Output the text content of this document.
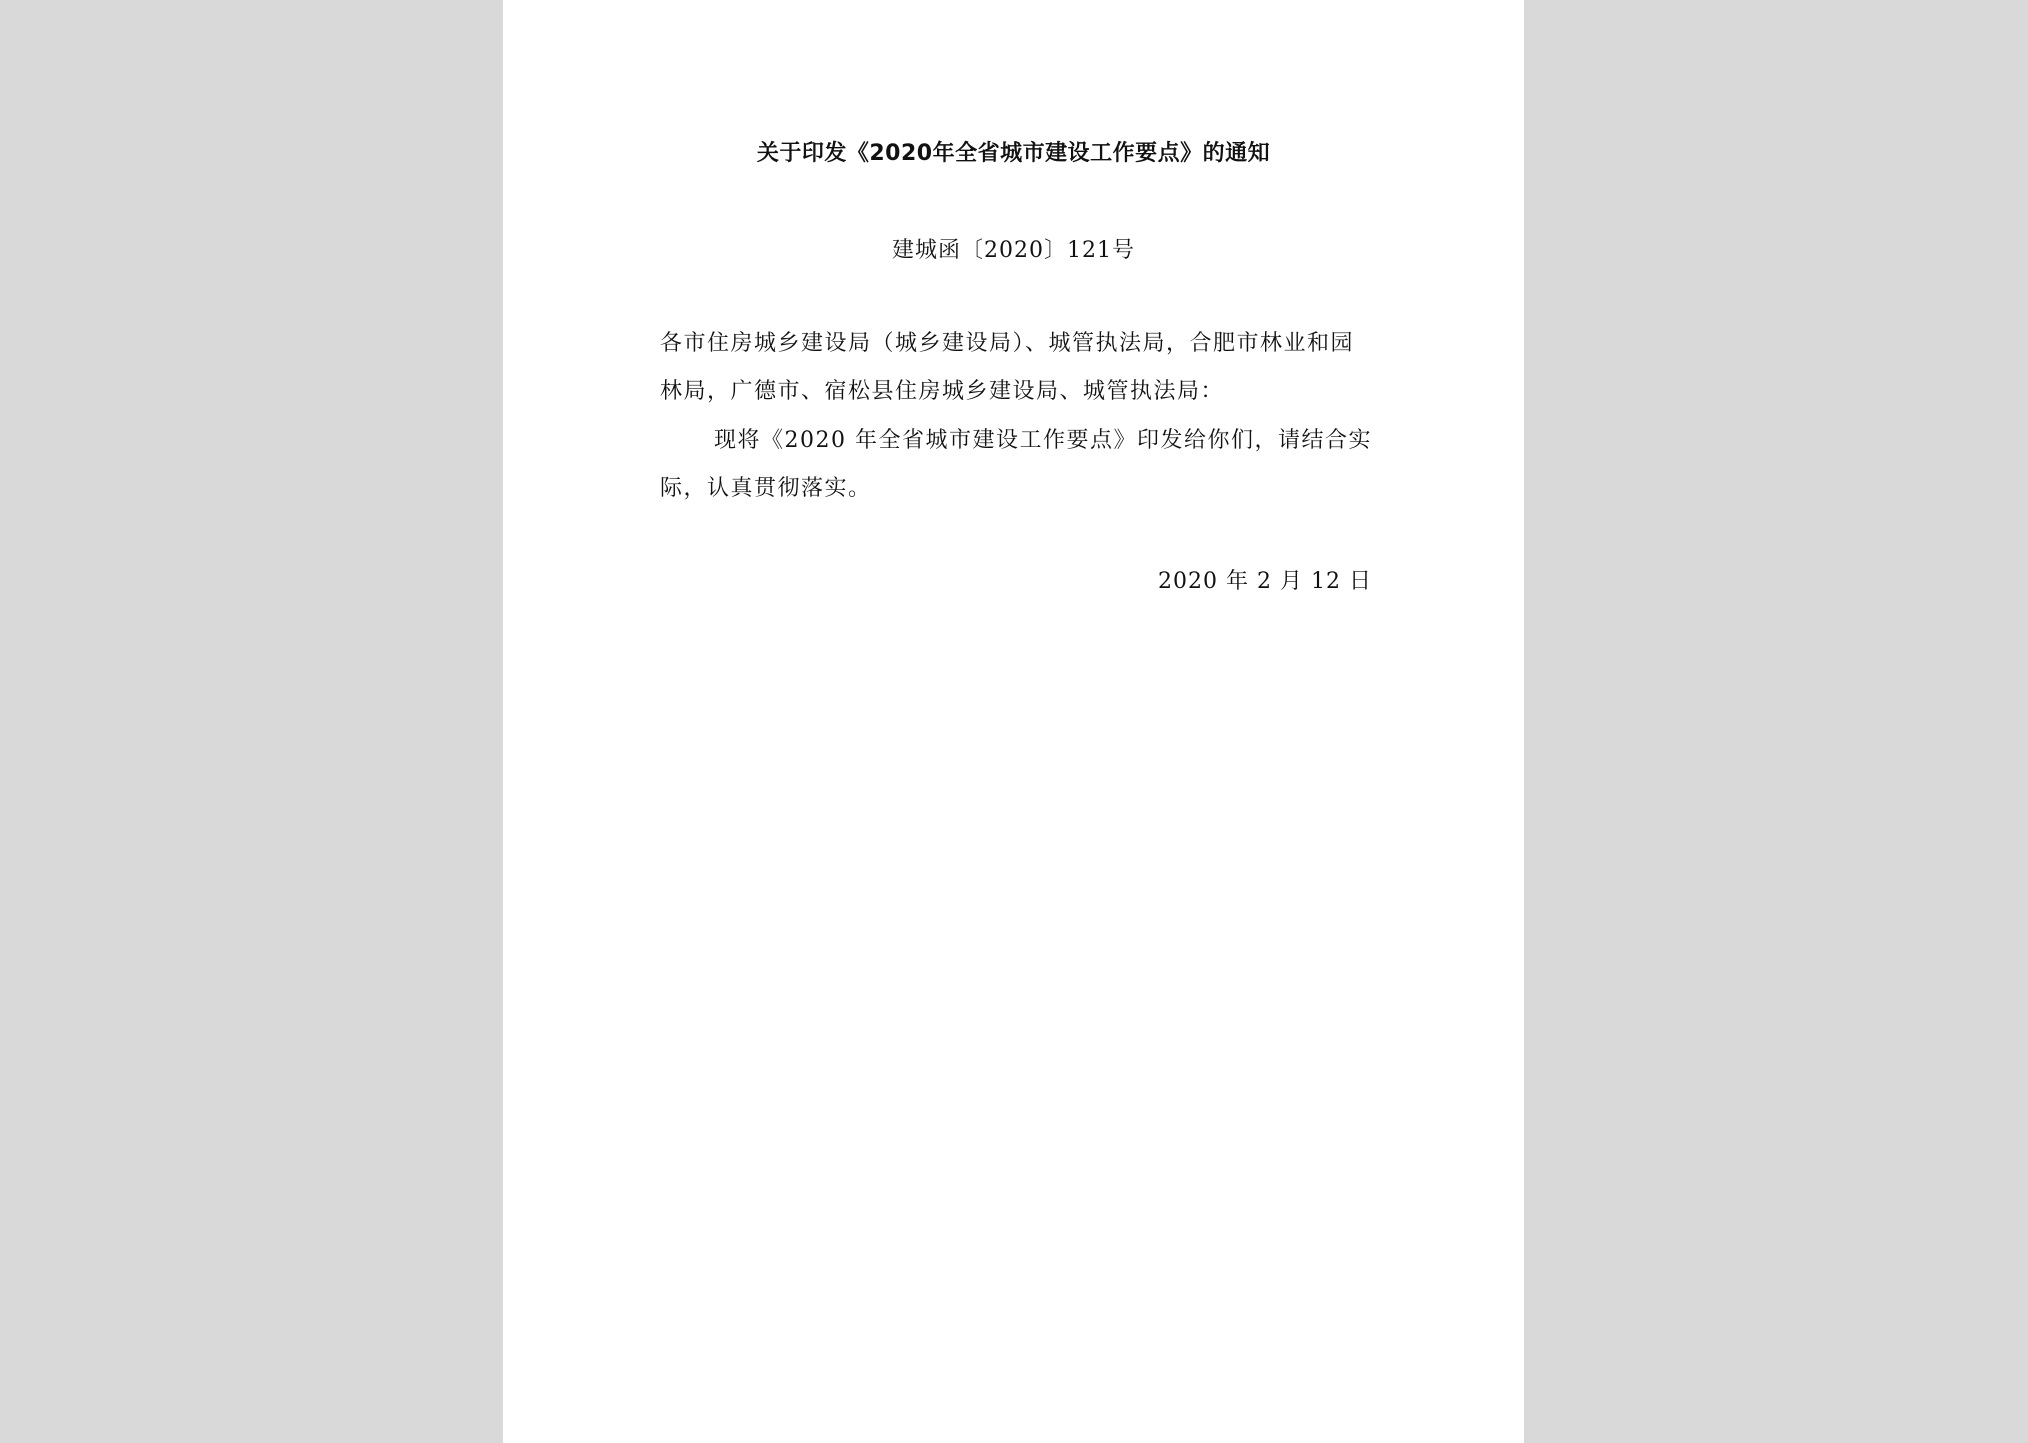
关于印发《2020年全省城市建设工作要点》的通知
建城函〔2020〕121号
各市住房城乡建设局（城乡建设局）、城管执法局，合肥市林业和园林局，广德市、宿松县住房城乡建设局、城管执法局：
现将《2020 年全省城市建设工作要点》印发给你们，请结合实际，认真贯彻落实。
2020 年 2 月 12 日
